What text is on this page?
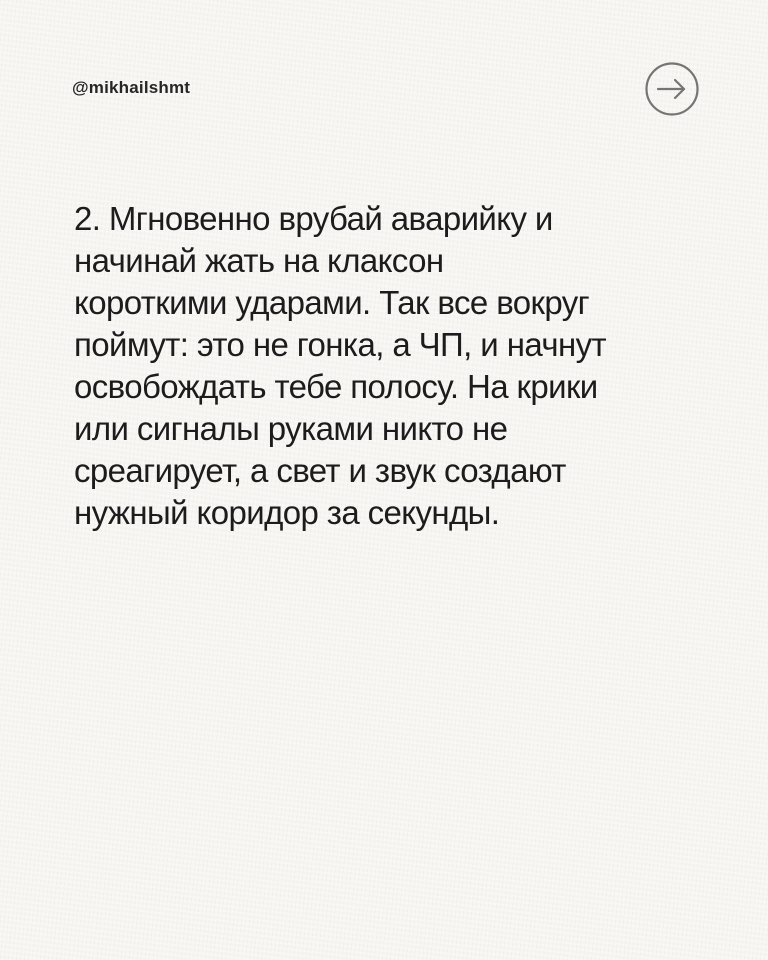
@mikhailshmt
2. Мгновенно врубай аварийку и
начинай жать на клаксон
короткими ударами. Так все вокруг
поймут: это не гонка, а ЧП, и начнут
освобождать тебе полосу. На крики
или сигналы руками никто не
среагирует, а свет и звук создают
нужный коридор за секунды.
